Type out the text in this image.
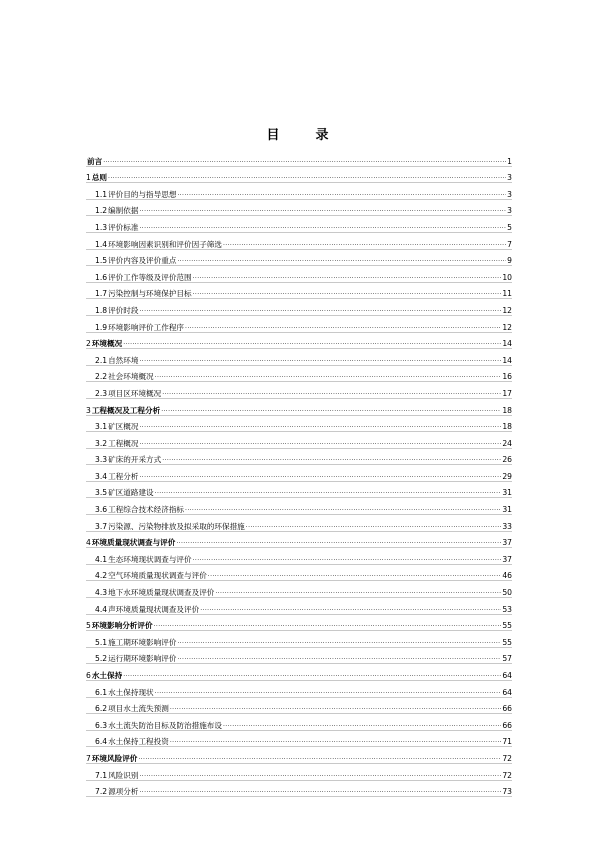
目	录
前言 .....	1
1 总则 .....	3
1.1 评价目的与指导思想 .....	3
1.2 编制依据 .....	3
1.3 评价标准 .....	5
1.4 环境影响因素识别和评价因子筛选 .....	7
1.5 评价内容及评价重点 .....	9
1.6 评价工作等级及评价范围 .....	10
1.7 污染控制与环境保护目标 .....	11
1.8 评价时段 .....	12
1.9 环境影响评价工作程序 .....	12
2 环境概况 .....	14
2.1 自然环境 .....	14
2.2 社会环境概况 .....	16
2.3 项目区环境概况 .....	17
3 工程概况及工程分析 .....	18
3.1 矿区概况 .....	18
3.2 工程概况 .....	24
3.3 矿床的开采方式 .....	26
3.4 工程分析 .....	29
3.5 矿区道路建设 .....	31
3.6 工程综合技术经济指标 .....	31
3.7 污染源、污染物排放及拟采取的环保措施 .....	33
4 环境质量现状调查与评价 .....	37
4.1 生态环境现状调查与评价 .....	37
4.2 空气环境质量现状调查与评价 .....	46
4.3 地下水环境质量现状调查及评价 .....	50
4.4 声环境质量现状调查及评价 .....	53
5 环境影响分析评价 .....	55
5.1 施工期环境影响评价 .....	55
5.2 运行期环境影响评价 .....	57
6 水土保持 .....	64
6.1 水土保持现状 .....	64
6.2 项目水土流失预测 .....	66
6.3 水土流失防治目标及防治措施布设 .....	66
6.4 水土保持工程投资 .....	71
7 环境风险评价 .....	72
7.1 风险识别 .....	72
7.2 源项分析 .....	73
